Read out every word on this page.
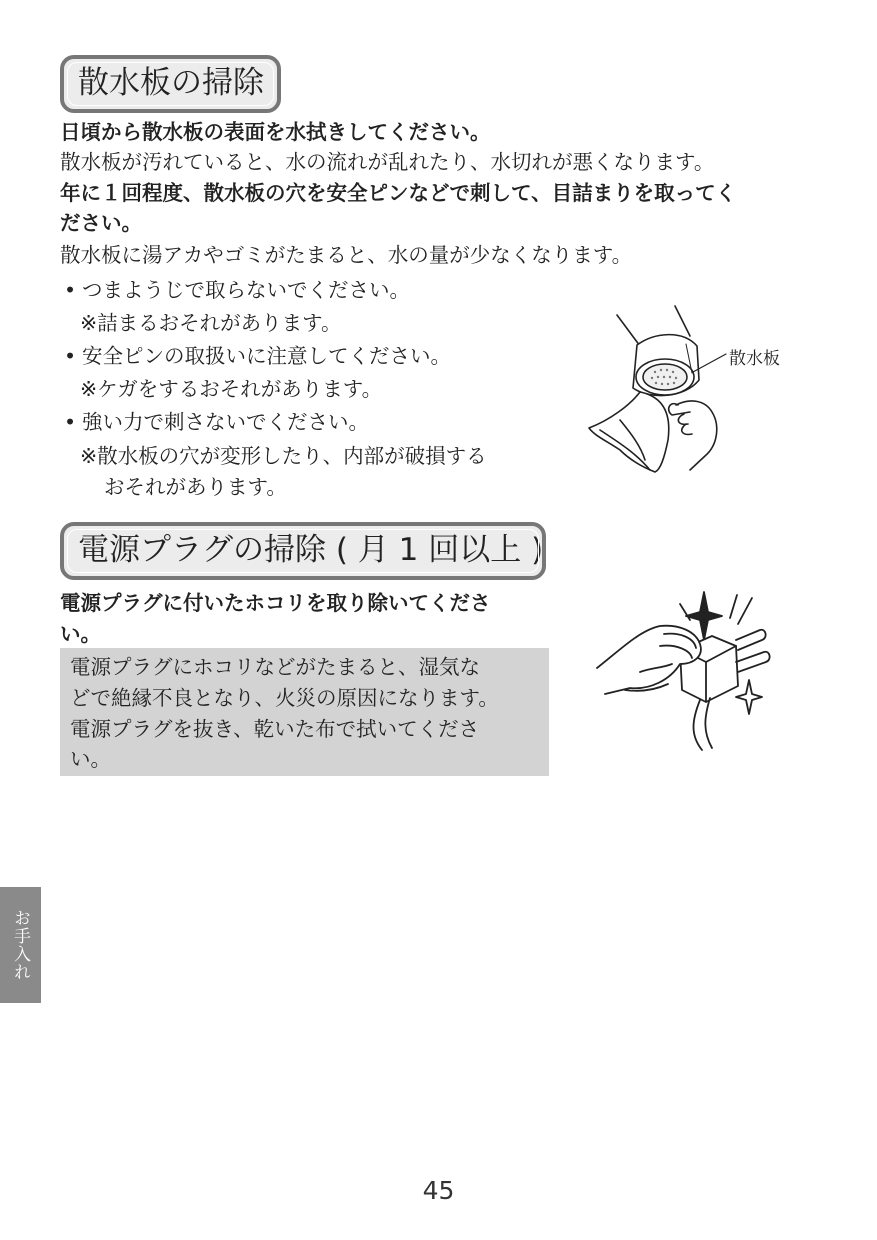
散水板の掃除
日頃から散水板の表面を水拭きしてください。
散水板が汚れていると、水の流れが乱れたり、水切れが悪くなります。
年に１回程度、散水板の穴を安全ピンなどで刺して、目詰まりを取ってく
ださい。
散水板に湯アカやゴミがたまると、水の量が少なくなります。
• つまようじで取らないでください。
※詰まるおそれがあります。
• 安全ピンの取扱いに注意してください。
※ケガをするおそれがあります。
• 強い力で刺さないでください。
※散水板の穴が変形したり、内部が破損する
おそれがあります。
散水板
電源プラグの掃除 ( 月 1 回以上 )
電源プラグに付いたホコリを取り除いてくださ
い。
電源プラグにホコリなどがたまると、湿気な
どで絶縁不良となり、火災の原因になります。
電源プラグを抜き、乾いた布で拭いてくださ
い。
お手入れ
45
